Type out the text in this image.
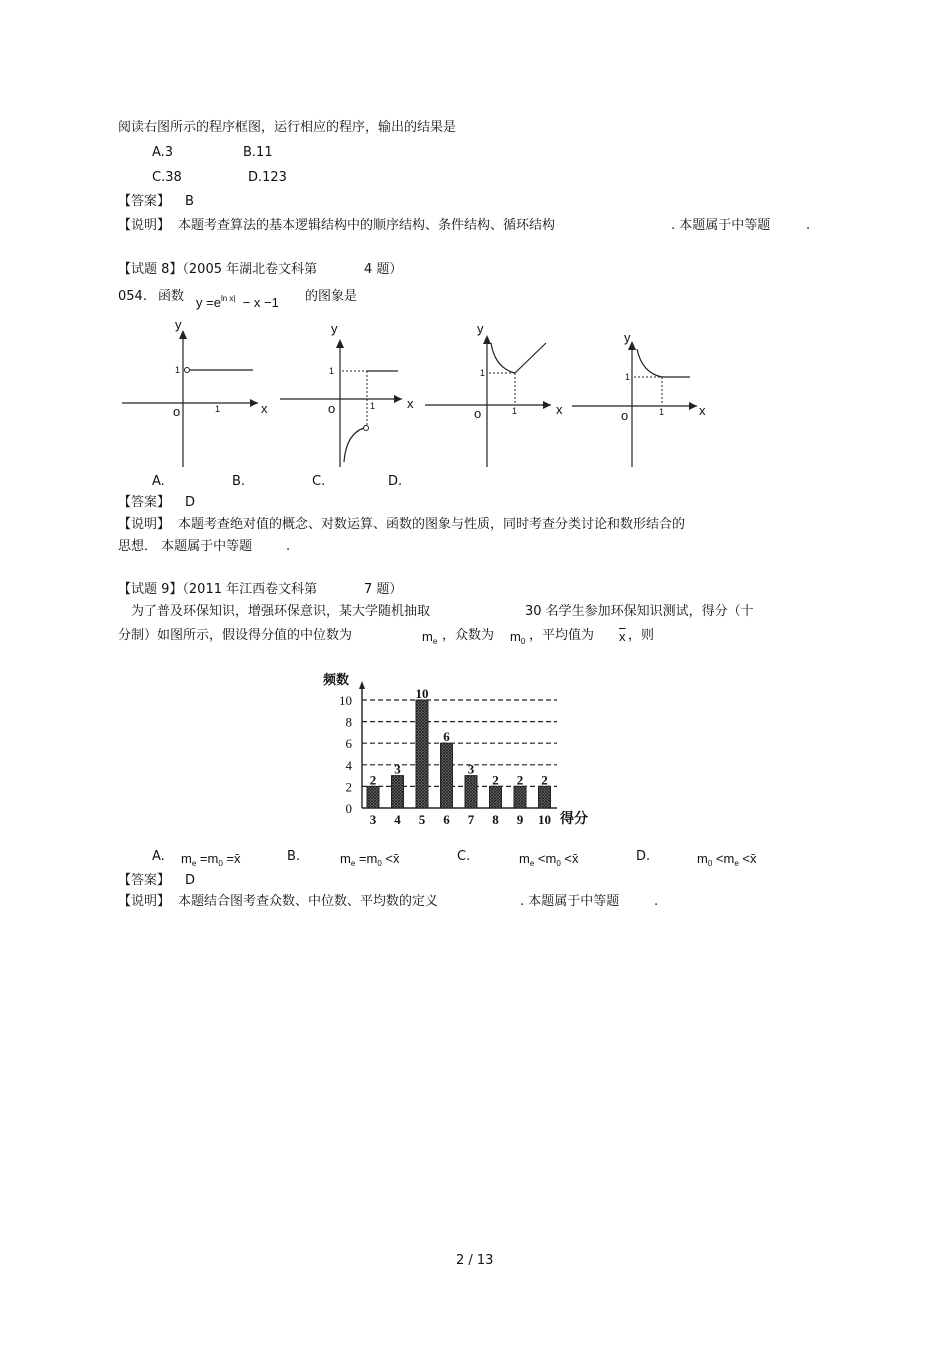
阅读右图所示的程序框图，运行相应的程序，输出的结果是
A.3	B.11
C.38	D.123
【答案】 B
【说明】 本题考查算法的基本逻辑结构中的顺序结构、条件结构、循环结构	. 本题属于中等题	.
【试题 8】（2005 年湖北卷文科第	4 题）
054. 函数 $y =e^{ln x|} - x -1$ 的图象是
y
x
o
1
1
y
x
o
1
1
y
x
o
1
1
y
x
o
1
1
A.	B.	C.	D.
【答案】 D
【说明】 本题考查绝对值的概念、对数运算、函数的图象与性质，同时考查分类讨论和数形结合的
思想． 本题属于中等题	.
【试题 9】（2011 年江西卷文科第	7 题）
为了普及环保知识，增强环保意识，某大学随机抽取	30 名学生参加环保知识测试，得分（十
分制）如图所示，假设得分值的中位数为	$m_e$ ，众数为 $m_0$ ，平均值为 $\overline{x}$ ，则
0
2
4
6
8
10
频数
得分
2
3
3
4
10
5
6
6
3
7
2
8
2
9
2
10
A. $m_e =m_0$ =x̄	B.	$m_e =m_0$ <x̄	C.	$m_e <m_0$ <x̄	D.	$m_0 <m_e$ <x̄
【答案】 D
【说明】 本题结合图考查众数、中位数、平均数的定义	. 本题属于中等题	.
2 / 13
